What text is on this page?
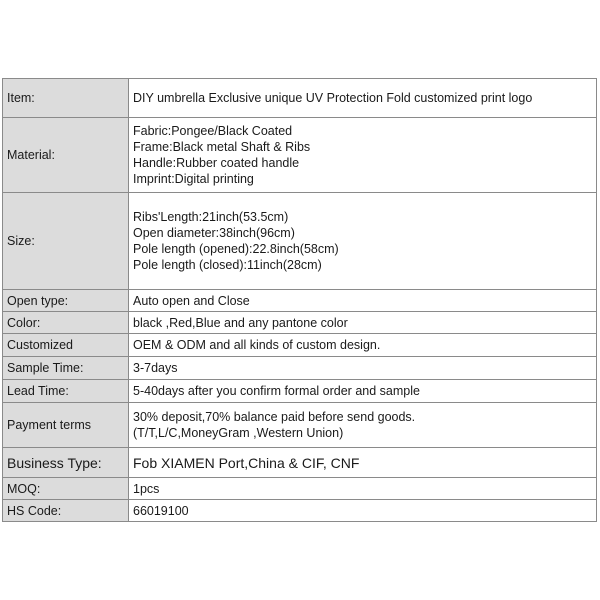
Item:	DIY umbrella Exclusive unique UV Protection Fold customized print logo

Material:	Fabric:Pongee/Black Coated
Frame:Black metal Shaft & Ribs
Handle:Rubber coated handle
Imprint:Digital printing

Size:	Ribs'Length:21inch(53.5cm)
Open diameter:38inch(96cm)
Pole length (opened):22.8inch(58cm)
Pole length (closed):11inch(28cm)

Open type:	Auto open and Close

Color:	black ,Red,Blue and any pantone color

Customized	OEM & ODM and all kinds of custom design.

Sample Time:	3-7days

Lead Time:	5-40days after you confirm formal order and sample

Payment terms	30% deposit,70% balance paid before send goods.
(T/T,L/C,MoneyGram ,Western Union)

Business Type:	Fob XIAMEN Port,China & CIF, CNF

MOQ:	1pcs

HS Code:	66019100
